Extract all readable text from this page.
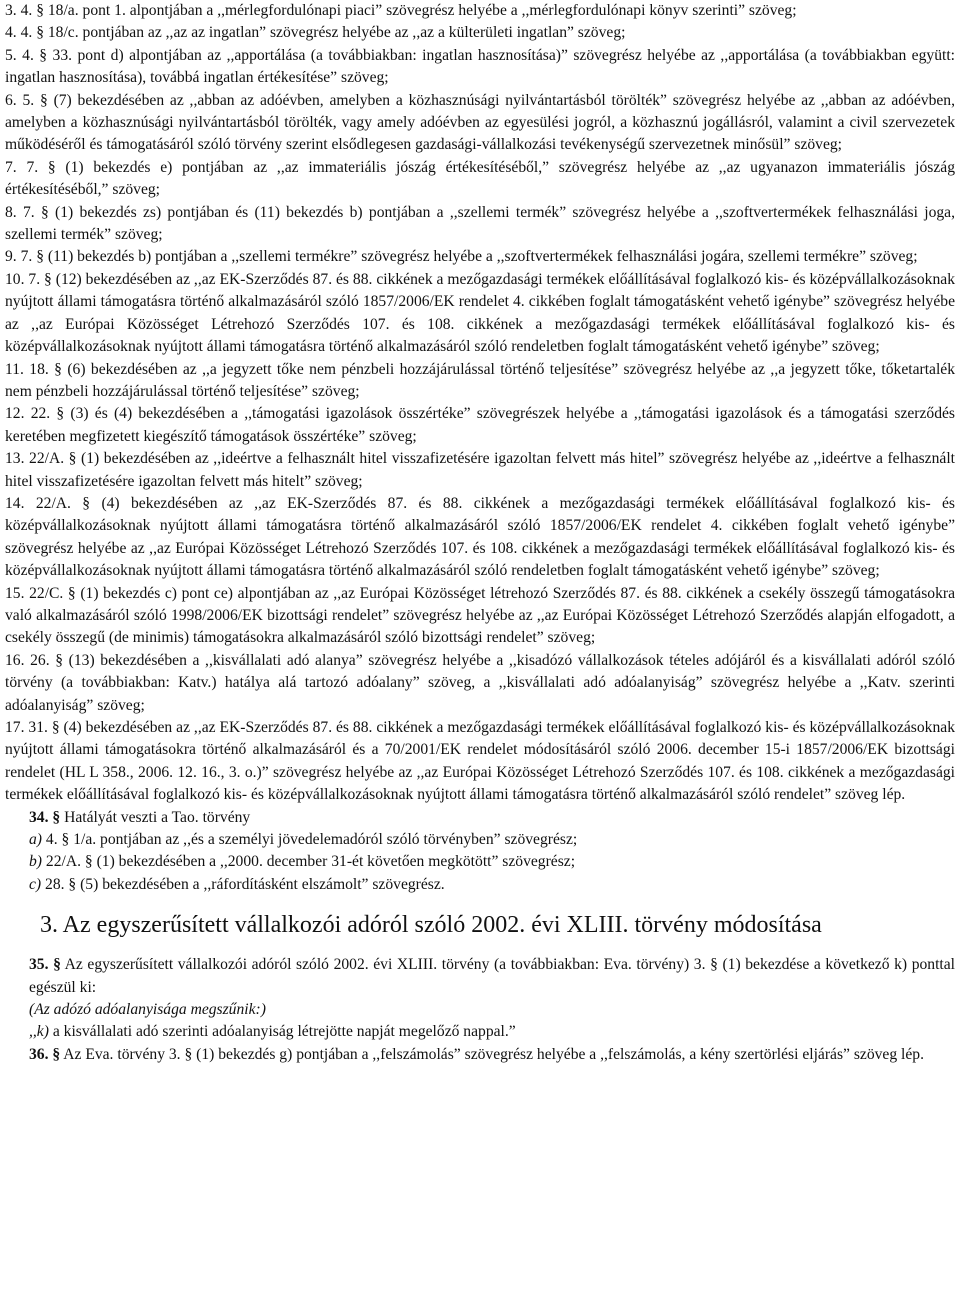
3. 4. § 18/a. pont 1. alpontjában a ,,mérlegfordulónapi piaci” szövegrész helyébe a ,,mérlegfordulónapi könyv szerinti” szöveg;

4. 4. § 18/c. pontjában az ,,az az ingatlan” szövegrész helyébe az ,,az a külterületi ingatlan” szöveg;

5. 4. § 33. pont d) alpontjában az ,,apportálása (a továbbiakban: ingatlan hasznosítása)” szövegrész helyébe az ,,apportálása (a továbbiakban együtt: ingatlan hasznosítása), továbbá ingatlan értékesítése” szöveg;

6. 5. § (7) bekezdésében az ,,abban az adóévben, amelyben a közhasznúsági nyilvántartásból törölték” szövegrész helyébe az ,,abban az adóévben, amelyben a közhasznúsági nyilvántartásból törölték, vagy amely adóévben az egyesülési jogról, a közhasznú jogállásról, valamint a civil szervezetek működéséről és támogatásáról szóló törvény szerint elsődlegesen gazdasági-vállalkozási tevékenységű szervezetnek minősül” szöveg;

7. 7. § (1) bekezdés e) pontjában az ,,az immateriális jószág értékesítéséből,” szövegrész helyébe az ,,az ugyanazon immateriális jószág értékesítéséből,” szöveg;

8. 7. § (1) bekezdés zs) pontjában és (11) bekezdés b) pontjában a ,,szellemi termék” szövegrész helyébe a ,,szoftvertermékek felhasználási joga, szellemi termék” szöveg;

9. 7. § (11) bekezdés b) pontjában a ,,szellemi termékre” szövegrész helyébe a ,,szoftvertermékek felhasználási jogára, szellemi termékre” szöveg;

10. 7. § (12) bekezdésében az ,,az EK-Szerződés 87. és 88. cikkének a mezőgazdasági termékek előállításával foglalkozó kis- és középvállalkozásoknak nyújtott állami támogatásra történő alkalmazásáról szóló 1857/2006/EK rendelet 4. cikkében foglalt támogatásként vehető igénybe” szövegrész helyébe az ,,az Európai Közösséget Létrehozó Szerződés 107. és 108. cikkének a mezőgazdasági termékek előállításával foglalkozó kis- és középvállalkozásoknak nyújtott állami támogatásra történő alkalmazásáról szóló rendeletben foglalt támogatásként vehető igénybe” szöveg;

11. 18. § (6) bekezdésében az ,,a jegyzett tőke nem pénzbeli hozzájárulással történő teljesítése” szövegrész helyébe az ,,a jegyzett tőke, tőketartalék nem pénzbeli hozzájárulással történő teljesítése” szöveg;

12. 22. § (3) és (4) bekezdésében a ,,támogatási igazolások összértéke” szövegrészek helyébe a ,,támogatási igazolások és a támogatási szerződés keretében megfizetett kiegészítő támogatások összértéke” szöveg;

13. 22/A. § (1) bekezdésében az ,,ideértve a felhasznált hitel visszafizetésére igazoltan felvett más hitel” szövegrész helyébe az ,,ideértve a felhasznált hitel visszafizetésére igazoltan felvett más hitelt” szöveg;

14. 22/A. § (4) bekezdésében az ,,az EK-Szerződés 87. és 88. cikkének a mezőgazdasági termékek előállításával foglalkozó kis- és középvállalkozásoknak nyújtott állami támogatásra történő alkalmazásáról szóló 1857/2006/EK rendelet 4. cikkében foglalt vehető igénybe” szövegrész helyébe az ,,az Európai Közösséget Létrehozó Szerződés 107. és 108. cikkének a mezőgazdasági termékek előállításával foglalkozó kis- és középvállalkozásoknak nyújtott állami támogatásra történő alkalmazásáról szóló rendeletben foglalt támogatásként vehető igénybe” szöveg;

15. 22/C. § (1) bekezdés c) pont ce) alpontjában az ,,az Európai Közösséget létrehozó Szerződés 87. és 88. cikkének a csekély összegű támogatásokra való alkalmazásáról szóló 1998/2006/EK bizottsági rendelet” szövegrész helyébe az ,,az Európai Közösséget Létrehozó Szerződés alapján elfogadott, a csekély összegű (de minimis) támogatásokra alkalmazásáról szóló bizottsági rendelet” szöveg;

16. 26. § (13) bekezdésében a ,,kisvállalati adó alanya” szövegrész helyébe a ,,kisadózó vállalkozások tételes adójáról és a kisvállalati adóról szóló törvény (a továbbiakban: Katv.) hatálya alá tartozó adóalany” szöveg, a ,,kisvállalati adó adóalanyiság” szövegrész helyébe a ,,Katv. szerinti adóalanyiság” szöveg;

17. 31. § (4) bekezdésében az ,,az EK-Szerződés 87. és 88. cikkének a mezőgazdasági termékek előállításával foglalkozó kis- és középvállalkozásoknak nyújtott állami támogatásokra történő alkalmazásáról és a 70/2001/EK rendelet módosításáról szóló 2006. december 15-i 1857/2006/EK bizottsági rendelet (HL L 358., 2006. 12. 16., 3. o.)” szövegrész helyébe az ,,az Európai Közösséget Létrehozó Szerződés 107. és 108. cikkének a mezőgazdasági termékek előállításával foglalkozó kis- és középvállalkozásoknak nyújtott állami támogatásra történő alkalmazásáról szóló rendelet” szöveg lép.

34. § Hatályát veszti a Tao. törvény

a) 4. § 1/a. pontjában az ,,és a személyi jövedelemadóról szóló törvényben” szövegrész;

b) 22/A. § (1) bekezdésében a ,,2000. december 31-ét követően megkötött” szövegrész;

c) 28. § (5) bekezdésében a ,,ráfordításként elszámolt” szövegrész.

3. Az egyszerűsített vállalkozói adóról szóló 2002. évi XLIII. törvény módosítása

35. § Az egyszerűsített vállalkozói adóról szóló 2002. évi XLIII. törvény (a továbbiakban: Eva. törvény) 3. § (1) bekezdése a következő k) ponttal egészül ki:

(Az adózó adóalanyisága megszűnik:)

,,k) a kisvállalati adó szerinti adóalanyiság létrejötte napját megelőző nappal.”

36. § Az Eva. törvény 3. § (1) bekezdés g) pontjában a ,,felszámolás” szövegrész helyébe a ,,felszámolás, a kény szertörlési eljárás” szöveg lép.
